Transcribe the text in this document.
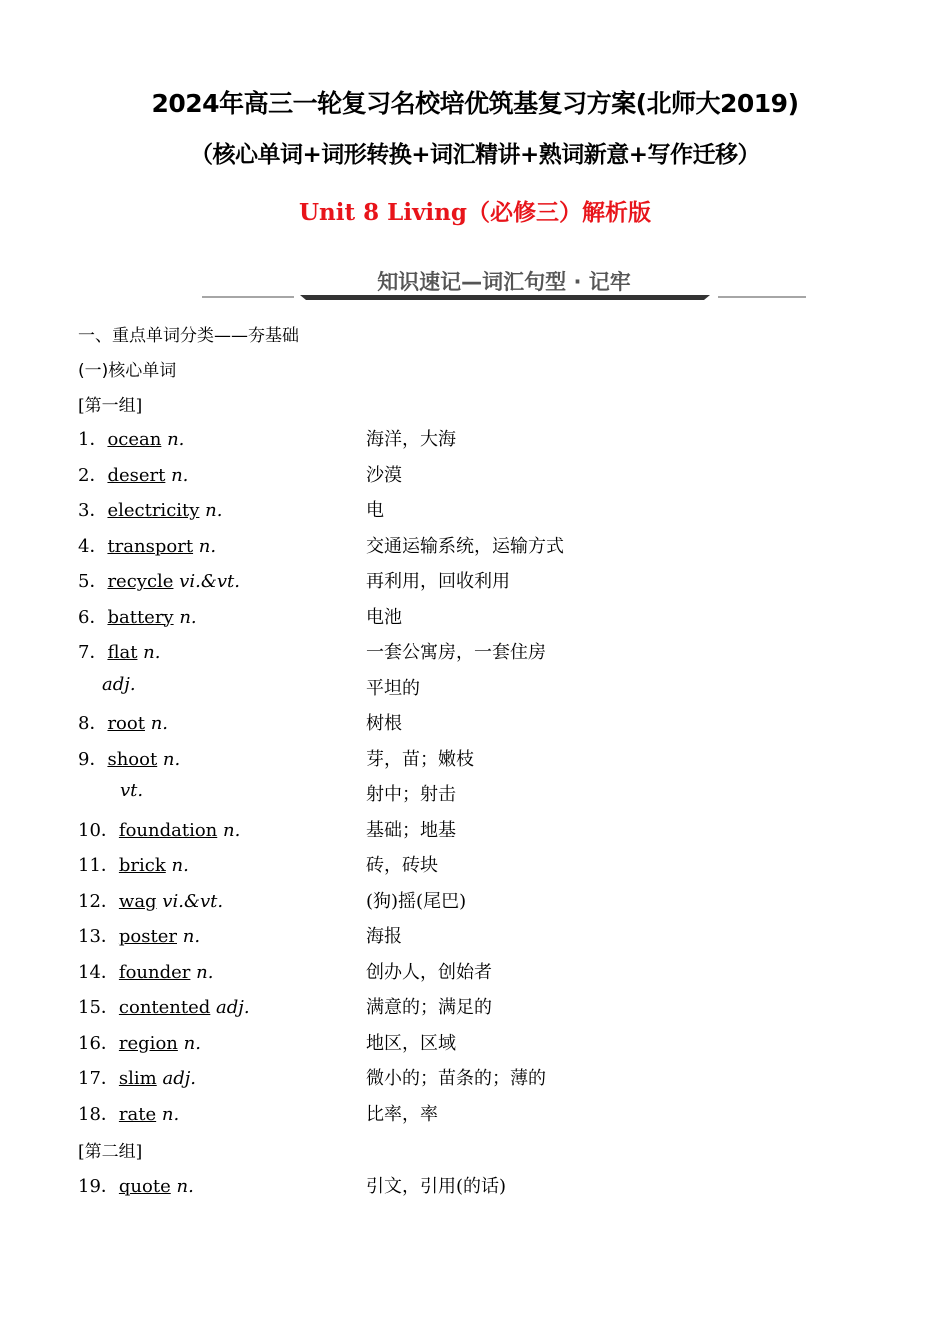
2024年高三一轮复习名校培优筑基复习方案(北师大2019)
（核心单词+词形转换+词汇精讲+熟词新意+写作迁移）
Unit 8 Living（必修三）解析版
知识速记—词汇句型 · 记牢
一、重点单词分类——夯基础
(一)核心单词
[第一组]
1．ocean n.	海洋，大海
2．desert n.	沙漠
3．electricity n.	电
4．transport n.	交通运输系统，运输方式
5．recycle vi.&vt.	再利用，回收利用
6．battery n.	电池
7．flat n.	一套公寓房，一套住房
adj.	平坦的
8．root n.	树根
9．shoot n.	芽，苗；嫩枝
vt.	射中；射击
10．foundation n.	基础；地基
11．brick n.	砖，砖块
12．wag vi.&vt.	(狗)摇(尾巴)
13．poster n.	海报
14．founder n.	创办人，创始者
15．contented adj.	满意的；满足的
16．region n.	地区，区域
17．slim adj.	微小的；苗条的；薄的
18．rate n.	比率，率
[第二组]
19．quote n.	引文，引用(的话)
